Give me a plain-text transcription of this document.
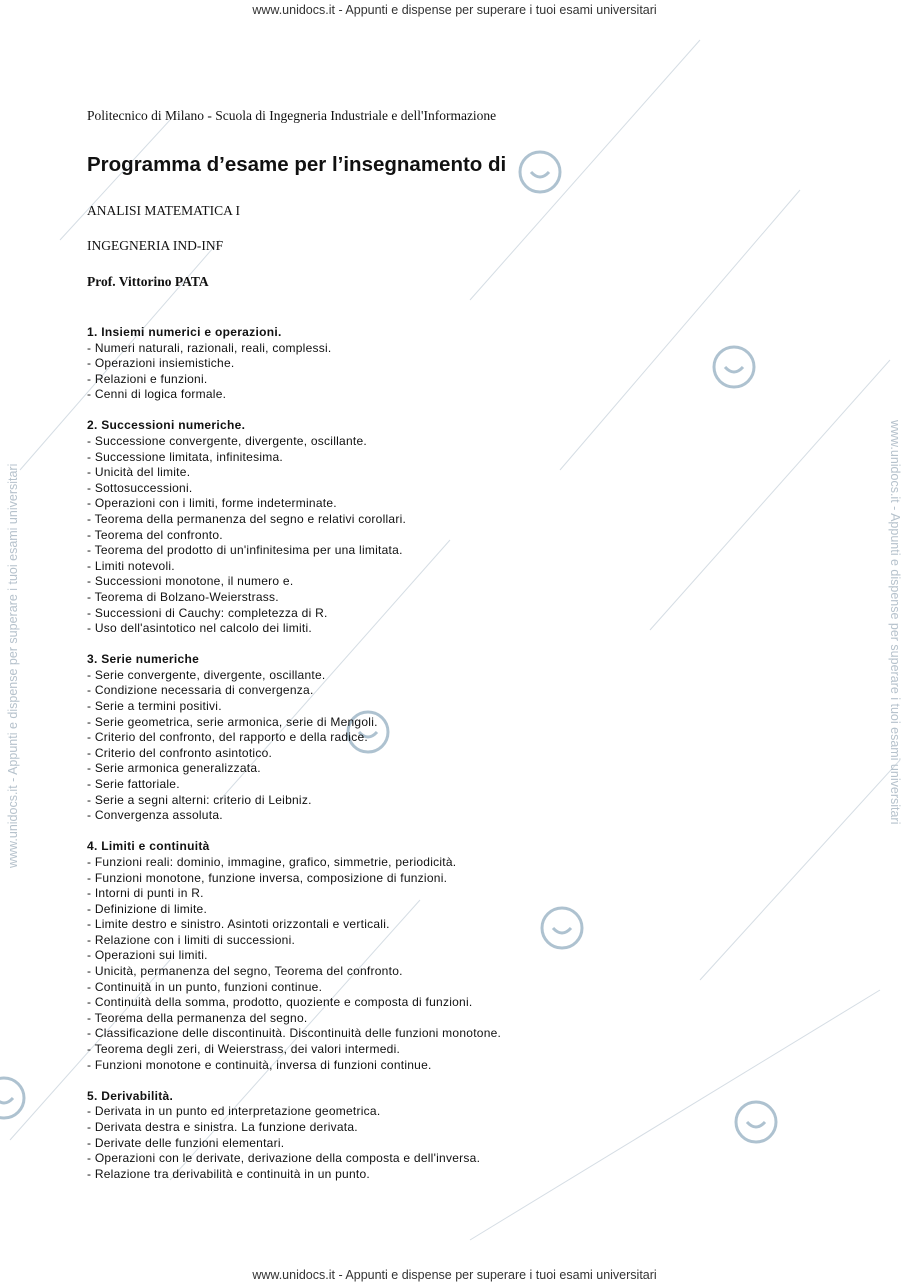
www.unidocs.it - Appunti e dispense per superare i tuoi esami universitari
www.unidocs.it - Appunti e dispense per superare i tuoi esami universitari
www.unidocs.it - Appunti e dispense per superare i tuoi esami universitari	www.unidocs.it - Appunti e dispense per superare i tuoi esami universitari
Politecnico di Milano - Scuola di Ingegneria Industriale e dell'Informazione
Programma d’esame per l’insegnamento di
ANALISI MATEMATICA I
INGEGNERIA IND-INF
Prof. Vittorino PATA
1. Insiemi numerici e operazioni.
- Numeri naturali, razionali, reali, complessi.
- Operazioni insiemistiche.
- Relazioni e funzioni.
- Cenni di logica formale.
2. Successioni numeriche.
- Successione convergente, divergente, oscillante.
- Successione limitata, infinitesima.
- Unicità del limite.
- Sottosuccessioni.
- Operazioni con i limiti, forme indeterminate.
- Teorema della permanenza del segno e relativi corollari.
- Teorema del confronto.
- Teorema del prodotto di un'infinitesima per una limitata.
- Limiti notevoli.
- Successioni monotone, il numero e.
- Teorema di Bolzano-Weierstrass.
- Successioni di Cauchy: completezza di R.
- Uso dell'asintotico nel calcolo dei limiti.
3. Serie numeriche
- Serie convergente, divergente, oscillante.
- Condizione necessaria di convergenza.
- Serie a termini positivi.
- Serie geometrica, serie armonica, serie di Mengoli.
- Criterio del confronto, del rapporto e della radice.
- Criterio del confronto asintotico.
- Serie armonica generalizzata.
- Serie fattoriale.
- Serie a segni alterni: criterio di Leibniz.
- Convergenza assoluta.
4. Limiti e continuità
- Funzioni reali: dominio, immagine, grafico, simmetrie, periodicità.
- Funzioni monotone, funzione inversa, composizione di funzioni.
- Intorni di punti in R.
- Definizione di limite.
- Limite destro e sinistro. Asintoti orizzontali e verticali.
- Relazione con i limiti di successioni.
- Operazioni sui limiti.
- Unicità, permanenza del segno, Teorema del confronto.
- Continuità in un punto, funzioni continue.
- Continuità della somma, prodotto, quoziente e composta di funzioni.
- Teorema della permanenza del segno.
- Classificazione delle discontinuità. Discontinuità delle funzioni monotone.
- Teorema degli zeri, di Weierstrass, dei valori intermedi.
- Funzioni monotone e continuità, inversa di funzioni continue.
5. Derivabilità.
- Derivata in un punto ed interpretazione geometrica.
- Derivata destra e sinistra. La funzione derivata.
- Derivate delle funzioni elementari.
- Operazioni con le derivate, derivazione della composta e dell'inversa.
- Relazione tra derivabilità e continuità in un punto.
